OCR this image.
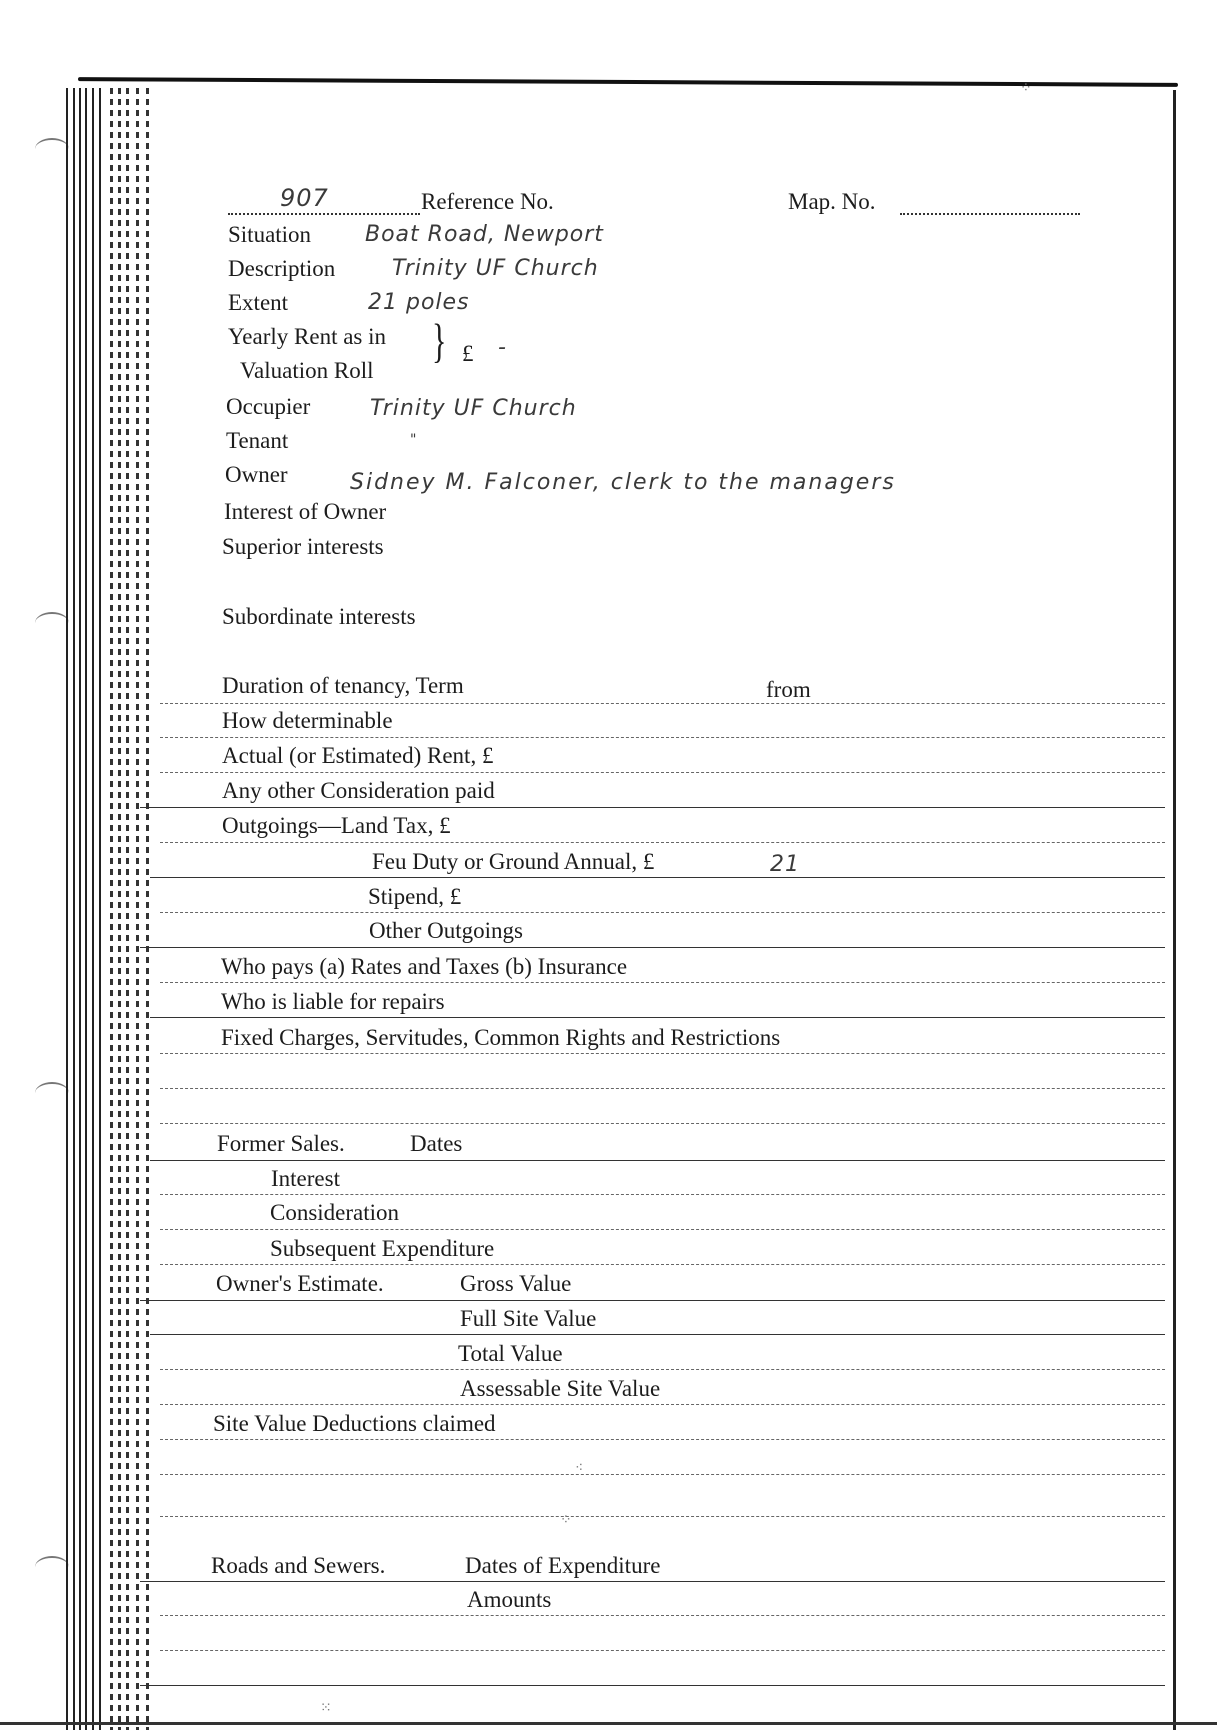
907	Reference No.	Map. No.
Situation Boat Road, Newport
Description	Trinity UF Church
Extent	21 poles
Yearly Rent as in
Valuation Roll
} £ -
Occupier	Trinity UF Church
Tenant	"
Owner	Sidney M. Falconer, clerk to the managers
Interest of Owner
Superior interests
Subordinate interests
Duration of tenancy, Term	from
How determinable
Actual (or Estimated) Rent, £
Any other Consideration paid
Outgoings—Land Tax, £
Feu Duty or Ground Annual, £	21
Stipend, £
Other Outgoings
Who pays (a) Rates and Taxes (b) Insurance
Who is liable for repairs
Fixed Charges, Servitudes, Common Rights and Restrictions
Former Sales.	Dates
Interest
Consideration
Subsequent Expenditure
Owner's Estimate.	Gross Value
Full Site Value
Total Value
Assessable Site Value
Site Value Deductions claimed
Roads and Sewers.	Dates of Expenditure
Amounts
⁘
⁖
⁘
⁙
